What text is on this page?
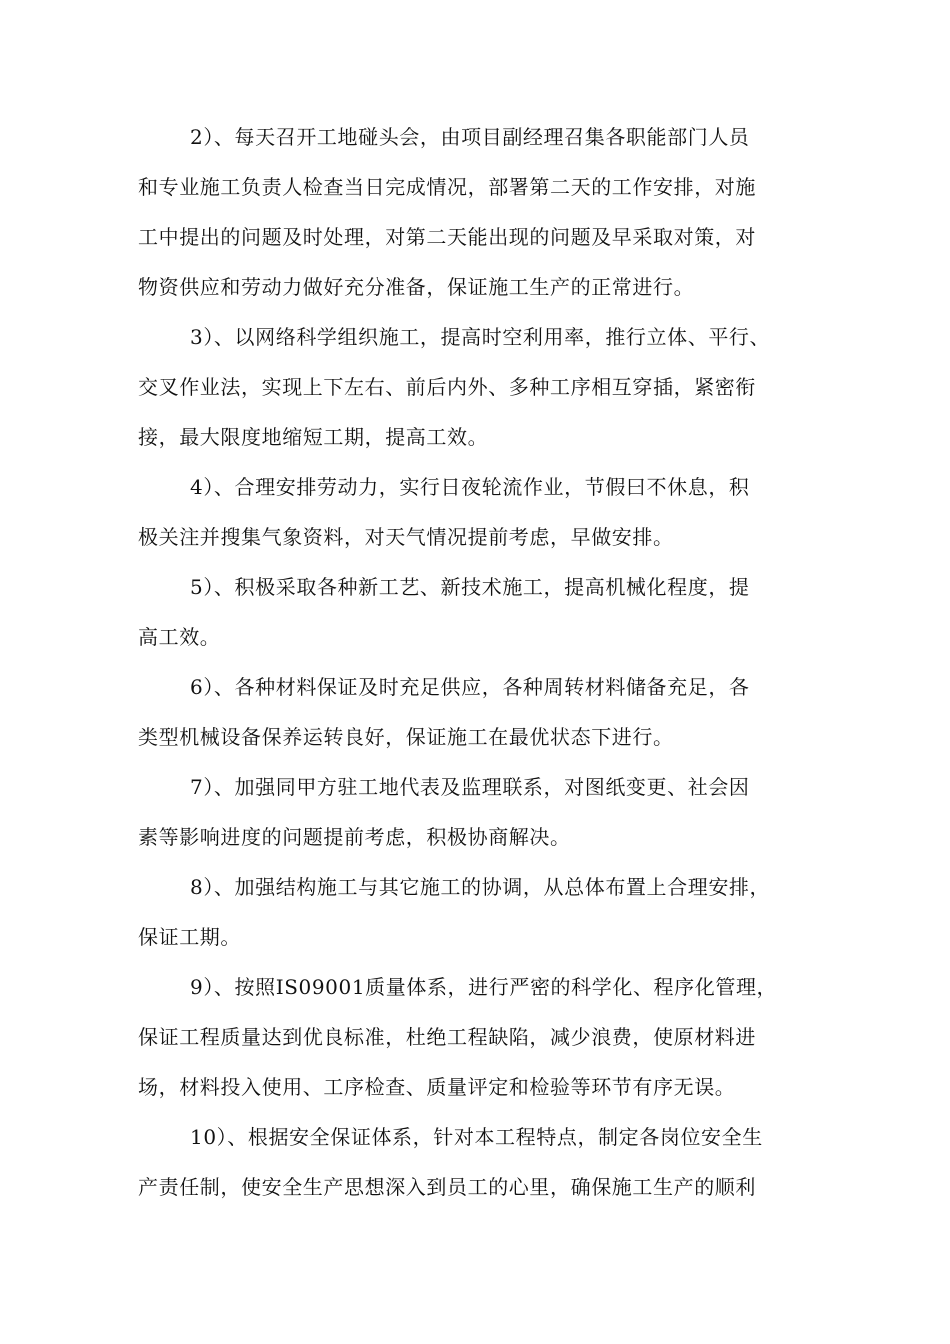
2）、每天召开工地碰头会，由项目副经理召集各职能部门人员
和专业施工负责人检查当日完成情况，部署第二天的工作安排，对施
工中提出的问题及时处理，对第二天能出现的问题及早采取对策，对
物资供应和劳动力做好充分准备，保证施工生产的正常进行。

3）、以网络科学组织施工，提高时空利用率，推行立体、平行、
交叉作业法，实现上下左右、前后内外、多种工序相互穿插，紧密衔
接，最大限度地缩短工期，提高工效。

4）、合理安排劳动力，实行日夜轮流作业，节假曰不休息，积
极关注并搜集气象资料，对天气情况提前考虑，早做安排。

5）、积极采取各种新工艺、新技术施工，提高机械化程度，提
高工效。

6）、各种材料保证及时充足供应，各种周转材料储备充足，各
类型机械设备保养运转良好，保证施工在最优状态下进行。

7）、加强同甲方驻工地代表及监理联系，对图纸变更、社会因
素等影响进度的问题提前考虑，积极协商解决。

8）、加强结构施工与其它施工的协调，从总体布置上合理安排，
保证工期。

9）、按照IS09001质量体系，进行严密的科学化、程序化管理，
保证工程质量达到优良标准，杜绝工程缺陷，减少浪费，使原材料进
场，材料投入使用、工序检查、质量评定和检验等环节有序无误。

10）、根据安全保证体系，针对本工程特点，制定各岗位安全生
产责任制，使安全生产思想深入到员工的心里，确保施工生产的顺利
